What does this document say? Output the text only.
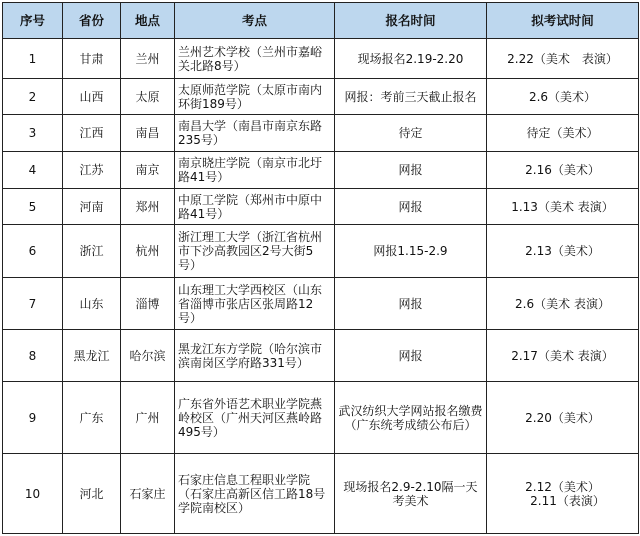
序号	省份	地点	考点	报名时间	拟考试时间
1	甘肃	兰州	兰州艺术学校（兰州市嘉峪关北路8号）	现场报名2.19-2.20	2.22（美术　表演）

2	山西	太原	太原师范学院（太原市南内环街189号）	网报：考前三天截止报名	2.6（美术）

3	江西	南昌	南昌大学（南昌市南京东路235号）	待定	待定（美术）

4	江苏	南京	南京晓庄学院（南京市北圩路41号）	网报	2.16（美术）

5	河南	郑州	中原工学院（郑州市中原中路41号）	网报	1.13（美术 表演）

6	浙江	杭州	浙江理工大学（浙江省杭州市下沙高教园区2号大街5号）	网报1.15-2.9	2.13（美术）

7	山东	淄博	山东理工大学西校区（山东省淄博市张店区张周路12号）	网报	2.6（美术 表演）

8	黑龙江	哈尔滨	黑龙江东方学院（哈尔滨市滨南岗区学府路331号）	网报	2.17（美术 表演）

9	广东	广州	广东省外语艺术职业学院燕岭校区（广州天河区燕岭路495号）	武汉纺织大学网站报名缴费（广东统考成绩公布后）	2.20（美术）

10	河北	石家庄	石家庄信息工程职业学院（石家庄高新区信工路18号学院南校区）	现场报名2.9-2.10隔一天考美术	2.12（美术）
2.11（表演）
